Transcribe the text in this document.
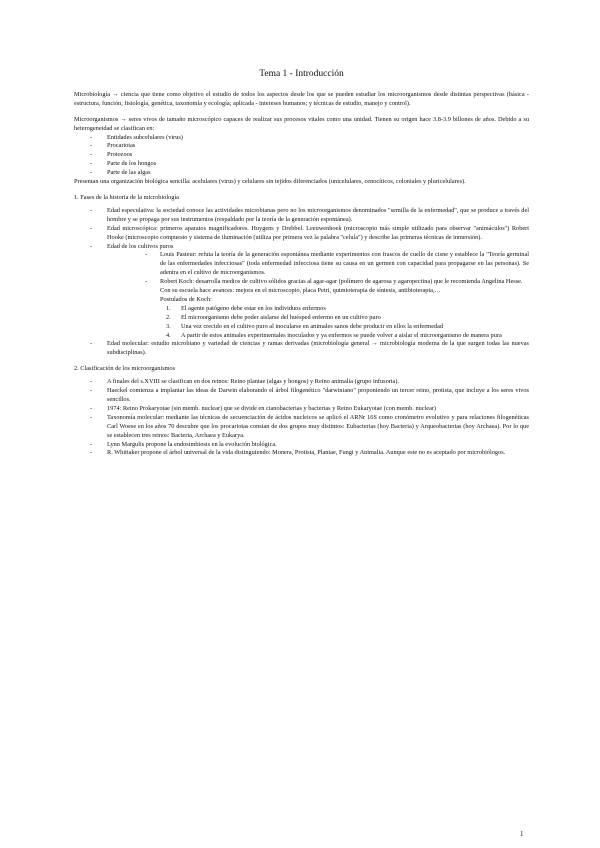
Tema 1 - Introducción

Microbiología → ciencia que tiene como objetivo el estudio de todos los aspectos desde los que se pueden estudiar los microorganismos desde distintas perspectivas (básica - estructura, función, fisiología, genética, taxonomía y ecología; aplicada - intereses humanos; y técnicas de estudio, manejo y control).

Microorganismos → seres vivos de tamaño microscópico capaces de realizar sus procesos vitales como una unidad. Tienen su origen hace 3.8-3.9 billones de años. Debido a su heterogeneidad se clasifican en:

- Entidades subcelulares (virus)

- Procariotas

- Protozoos

- Parte de los hongos

- Parte de las algas

Presentan una organización biológica sencilla: acelulares (virus) y celulares sin tejidos diferenciados (unicelulares, cenocíticos, coloniales y pluricelulares).

1. Fases de la historia de la microbiología

- Edad especulativa: la sociedad conoce las actividades microbianas pero no los microorganismos denominados "semilla de la enfermedad", que se produce a través del hombre y se propaga por sus instrumentos (respaldado por la teoría de la generación espontánea).

- Edad microscópica: primeros aparatos magnificadores. Huygens y Drebbel. Leeuwenhoek (microscopio más simple utilizado para observar "animáculos") Robert Hooke (microscopio compuesto y sistema de iluminación (utiliza por primera vez la palabra "celula") y describe las primeras técnicas de inmersión).

- Edad de los cultivos puros

- Louis Pasteur: refuta la teoría de la generación espontánea mediante experimentos con frascos de cuello de cisne y establece la "Teoría germinal de las enfermedades infecciosas" (toda enfermedad infecciosa tiene su causa en un germen con capacidad para propagarse en las personas). Se adentra en el cultivo de microorganismos.

- Robert Koch: desarrolla medios de cultivo sólidos gracias al agar-agar (polímero de agarosa y agaropectina) que le recomienda Angelina Hesse.

Con su escuela hace avances: mejora en el microscopio, placa Petri, quimioterapia de síntesis, antibioterapia,…

Postulados de Koch:

1. El agente patógeno debe estar en los individuos enfermos

2. El microorganismo debe poder aislarse del huésped enfermo en un cultivo puro

3. Una vez crecido en el cultivo puro al inocularse en animales sanos debe producir en ellos la enfermedad

4. A partir de estos animales experimentales inoculados y ya enfermos se puede volver a aislar el microorganismo de manera pura

- Edad molecular: estudio microbiano y variedad de ciencias y ramas derivadas (microbiología general → microbiología moderna de la que surgen todas las nuevas subdisciplinas).

2. Clasificación de los microorganismos

- A finales del s.XVIII se clasifican en dos reinos: Reino plantae (algas y hongos) y Reino animalia (grupo infusoria).

- Haeckel comienza a implantar las ideas de Darwin elaborando el árbol filogenético "darwiniano" proponiendo un tercer reino, protista, que incluye a los seres vivos sencillos.

- 1974: Reino Prokaryotae (sin memb. nuclear) que se divide en cianobacterias y bacterias y Reino Eukaryotae (con memb. nuclear)

- Taxonomía molecular: mediante las técnicas de secuenciación de ácidos nucleicos se aplicó el ARNr 16S como cronómetro evolutivo y para relaciones filogenéticas Carl Woese en los años 70 descubre que los procariotas constan de dos grupos muy distintos: Eubacterias (hoy Bacteria) y Arqueobacterias (hoy Archaea). Por lo que se establecen tres reinos: Bacteria, Archaea y Eukarya.

- Lynn Margulis propone la endosimbiosis en la evolución biológica.

- R. Whittaker propone el árbol universal de la vida distinguiendo: Monera, Protista, Plantae, Fungi y Animalia. Aunque este no es aceptado por microbiólogos.

1
